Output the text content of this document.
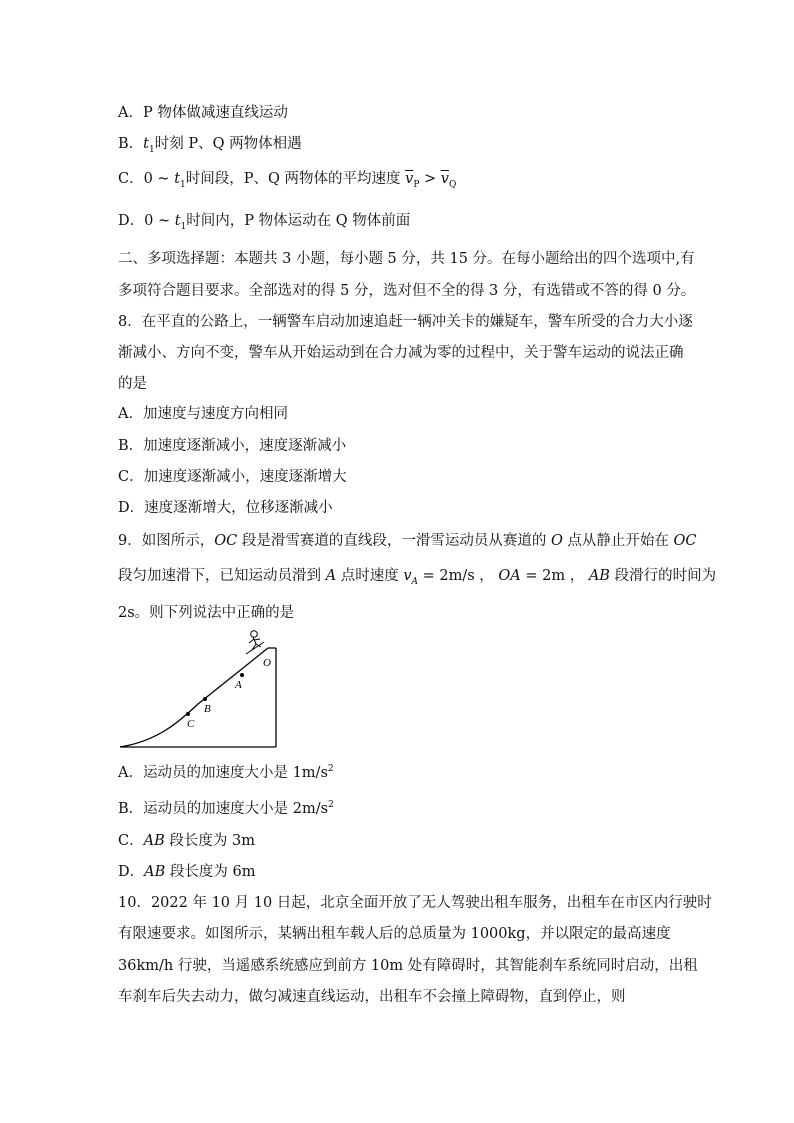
A．P 物体做减速直线运动
B．$t_1$时刻 P、Q 两物体相遇
C．0 ~ $t_1$时间段，P、Q 两物体的平均速度 $\overline{v}_P > \overline{v}_Q$
D．0 ~ $t_1$时间内，P 物体运动在 Q 物体前面
二、多项选择题：本题共 3 小题，每小题 5 分，共 15 分。在每小题给出的四个选项中,有
多项符合题目要求。全部选对的得 5 分，选对但不全的得 3 分，有选错或不答的得 0 分。
8．在平直的公路上，一辆警车启动加速追赶一辆冲关卡的嫌疑车，警车所受的合力大小逐
渐减小、方向不变，警车从开始运动到在合力减为零的过程中，关于警车运动的说法正确
的是
A．加速度与速度方向相同
B．加速度逐渐减小，速度逐渐减小
C．加速度逐渐减小，速度逐渐增大
D．速度逐渐增大，位移逐渐减小
9．如图所示，OC 段是滑雪赛道的直线段，一滑雪运动员从赛道的 O 点从静止开始在 OC
段匀加速滑下，已知运动员滑到 A 点时速度 $v_A = 2m/s$ ， OA = 2m ， AB 段滑行的时间为
2s。则下列说法中正确的是
O
A
B
C
A．运动员的加速度大小是 $1m/s^2$
B．运动员的加速度大小是 $2m/s^2$
C．AB 段长度为 3m
D．AB 段长度为 6m
10．2022 年 10 月 10 日起，北京全面开放了无人驾驶出租车服务，出租车在市区内行驶时
有限速要求。如图所示，某辆出租车载人后的总质量为 1000kg，并以限定的最高速度
36km/h 行驶，当遥感系统感应到前方 10m 处有障碍时，其智能刹车系统同时启动，出租
车刹车后失去动力，做匀减速直线运动，出租车不会撞上障碍物，直到停止，则
